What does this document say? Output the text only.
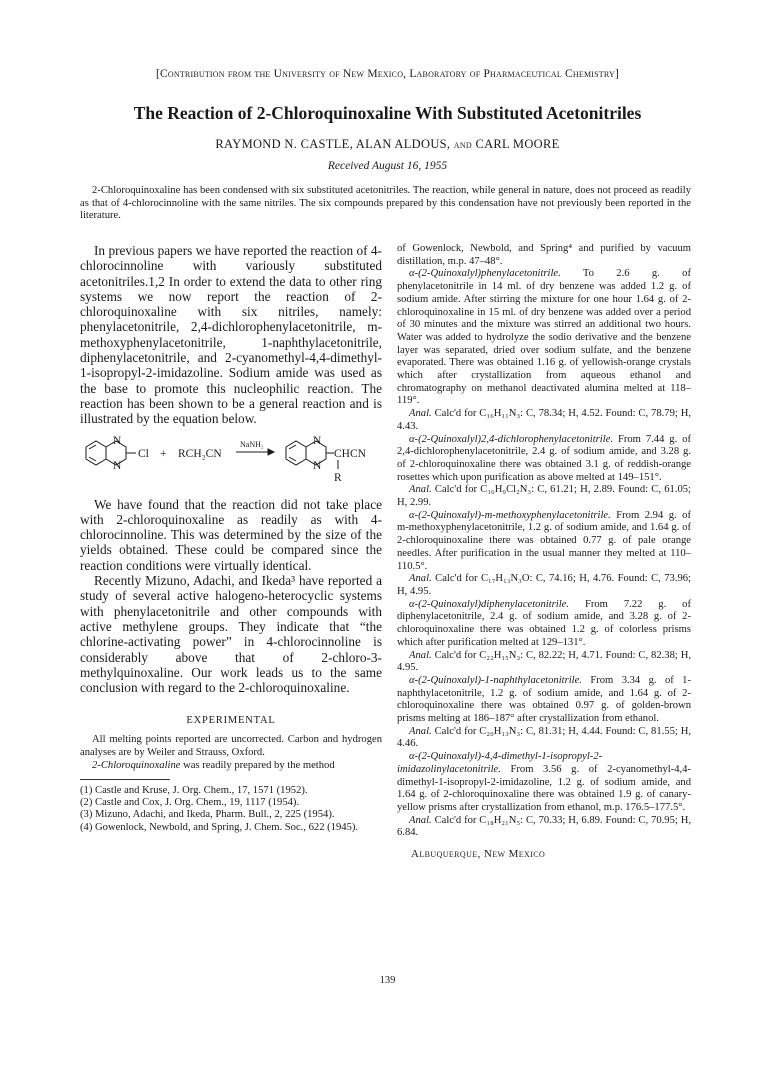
[Contribution from the University of New Mexico, Laboratory of Pharmaceutical Chemistry]
The Reaction of 2-Chloroquinoxaline With Substituted Acetonitriles
RAYMOND N. CASTLE, ALAN ALDOUS, and CARL MOORE
Received August 16, 1955
2-Chloroquinoxaline has been condensed with six substituted acetonitriles. The reaction, while general in nature, does not proceed as readily as that of 4-chlorocinnoline with the same nitriles. The six compounds prepared by this condensation have not previously been reported in the literature.

In previous papers we have reported the reaction of 4-chlorocinnoline with variously substituted acetonitriles.1,2 In order to extend the data to other ring systems we now report the reaction of 2-chloroquinoxaline with six nitriles, namely: phenylacetonitrile, 2,4-dichlorophenylacetonitrile, m-methoxyphenylacetonitrile, 1-naphthylacetonitrile, diphenylacetonitrile, and 2-cyanomethyl-4,4-dimethyl-1-isopropyl-2-imidazoline. Sodium amide was used as the base to promote this nucleophilic reaction. The reaction has been shown to be a general reaction and is illustrated by the equation below.

N
N
Cl + RCH₂CN
NaNH₂	N
N
CHCN
R

We have found that the reaction did not take place with 2-chloroquinoxaline as readily as with 4-chlorocinnoline. This was determined by the size of the yields obtained. These could be compared since the reaction conditions were virtually identical.

Recently Mizuno, Adachi, and Ikeda³ have reported a study of several active halogeno-heterocyclic systems with phenylacetonitrile and other compounds with active methylene groups. They indicate that “the chlorine-activating power” in 4-chlorocinnoline is considerably above that of 2-chloro-3-methylquinoxaline. Our work leads us to the same conclusion with regard to the 2-chloroquinoxaline.

EXPERIMENTAL

All melting points reported are uncorrected. Carbon and hydrogen analyses are by Weiler and Strauss, Oxford.

2-Chloroquinoxaline was readily prepared by the method

(1) Castle and Kruse, J. Org. Chem., 17, 1571 (1952).

(2) Castle and Cox, J. Org. Chem., 19, 1117 (1954).

(3) Mizuno, Adachi, and Ikeda, Pharm. Bull., 2, 225 (1954).

(4) Gowenlock, Newbold, and Spring, J. Chem. Soc., 622 (1945).

of Gowenlock, Newbold, and Spring⁴ and purified by vacuum distillation, m.p. 47–48°.

α-(2-Quinoxalyl)phenylacetonitrile. To 2.6 g. of phenylacetonitrile in 14 ml. of dry benzene was added 1.2 g. of sodium amide. After stirring the mixture for one hour 1.64 g. of 2-chloroquinoxaline in 15 ml. of dry benzene was added over a period of 30 minutes and the mixture was stirred an additional two hours. Water was added to hydrolyze the sodio derivative and the benzene layer was separated, dried over sodium sulfate, and the benzene evaporated. There was obtained 1.16 g. of yellowish-orange crystals which after crystallization from aqueous ethanol and chromatography on methanol deactivated alumina melted at 118–119°.

Anal. Calc'd for C₁₆H₁₁N₃: C, 78.34; H, 4.52. Found: C, 78.79; H, 4.43.

α-(2-Quinoxalyl)2,4-dichlorophenylacetonitrile. From 7.44 g. of 2,4-dichlorophenylacetonitrile, 2.4 g. of sodium amide, and 3.28 g. of 2-chloroquinoxaline there was obtained 3.1 g. of reddish-orange rosettes which upon purification as above melted at 149–151°.

Anal. Calc'd for C₁₆H₉Cl₂N₃: C, 61.21; H, 2.89. Found: C, 61.05; H, 2.99.

α-(2-Quinoxalyl)-m-methoxyphenylacetonitrile. From 2.94 g. of m-methoxyphenylacetonitrile, 1.2 g. of sodium amide, and 1.64 g. of 2-chloroquinoxaline there was obtained 0.77 g. of pale orange needles. After purification in the usual manner they melted at 110–110.5°.

Anal. Calc'd for C₁₇H₁₃N₃O: C, 74.16; H, 4.76. Found: C, 73.96; H, 4.95.

α-(2-Quinoxalyl)diphenylacetonitrile. From 7.22 g. of diphenylacetonitrile, 2.4 g. of sodium amide, and 3.28 g. of 2-chloroquinoxaline there was obtained 1.2 g. of colorless prisms which after purification melted at 129–131°.

Anal. Calc'd for C₂₂H₁₅N₃: C, 82.22; H, 4.71. Found: C, 82.38; H, 4.95.

α-(2-Quinoxalyl)-1-naphthylacetonitrile. From 3.34 g. of 1-naphthylacetonitrile, 1.2 g. of sodium amide, and 1.64 g. of 2-chloroquinoxaline there was obtained 0.97 g. of golden-brown prisms melting at 186–187° after crystallization from ethanol.

Anal. Calc'd for C₂₀H₁₃N₃: C, 81.31; H, 4.44. Found: C, 81.55; H, 4.46.

α-(2-Quinoxalyl)-4,4-dimethyl-1-isopropyl-2-imidazolinylacetonitrile. From 3.56 g. of 2-cyanomethyl-4,4-dimethyl-1-isopropyl-2-imidazoline, 1.2 g. of sodium amide, and 1.64 g. of 2-chloroquinoxaline there was obtained 1.9 g. of canary-yellow prisms after crystallization from ethanol, m.p. 176.5–177.5°.

Anal. Calc'd for C₁₈H₂₁N₅: C, 70.33; H, 6.89. Found: C, 70.95; H, 6.84.

Albuquerque, New Mexico
139
